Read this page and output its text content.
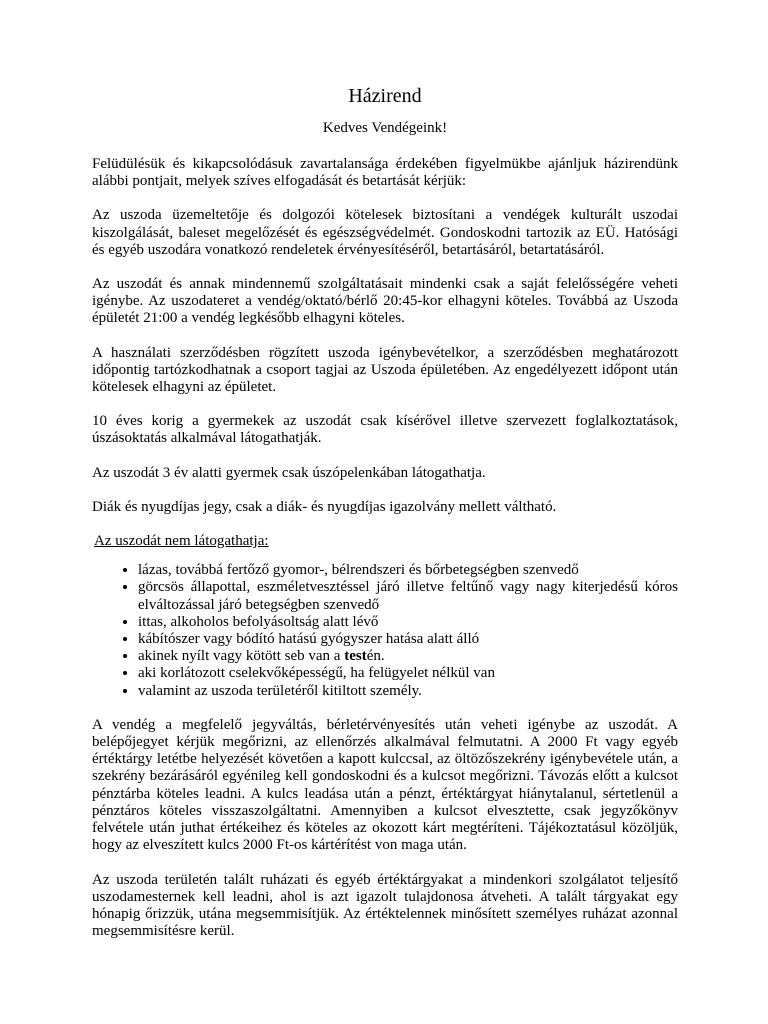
Házirend
Kedves Vendégeink!

Felüdülésük és kikapcsolódásuk zavartalansága érdekében figyelmükbe ajánljuk házirendünk alábbi pontjait, melyek szíves elfogadását és betartását kérjük:

Az uszoda üzemeltetője és dolgozói kötelesek biztosítani a vendégek kulturált uszodai kiszolgálását, baleset megelőzését és egészségvédelmét. Gondoskodni tartozik az EÜ. Hatósági és egyéb uszodára vonatkozó rendeletek érvényesítéséről, betartásáról, betartatásáról.

Az uszodát és annak mindennemű szolgáltatásait mindenki csak a saját felelősségére veheti igénybe. Az uszodateret a vendég/oktató/bérlő 20:45-kor elhagyni köteles. Továbbá az Uszoda épületét 21:00 a vendég legkésőbb elhagyni köteles.

A használati szerződésben rögzített uszoda igénybevételkor, a szerződésben meghatározott időpontig tartózkodhatnak a csoport tagjai az Uszoda épületében. Az engedélyezett időpont után kötelesek elhagyni az épületet.

10 éves korig a gyermekek az uszodát csak kísérővel illetve szervezett foglalkoztatások, úszásoktatás alkalmával látogathatják.

Az uszodát 3 év alatti gyermek csak úszópelenkában látogathatja.

Diák és nyugdíjas jegy, csak a diák- és nyugdíjas igazolvány mellett váltható.

Az uszodát nem látogathatja:
• lázas, továbbá fertőző gyomor-, bélrendszeri és bőrbetegségben szenvedő
• görcsös állapottal, eszméletvesztéssel járó illetve feltűnő vagy nagy kiterjedésű kóros elváltozással járó betegségben szenvedő
• ittas, alkoholos befolyásoltság alatt lévő
• kábítószer vagy bódító hatású gyógyszer hatása alatt álló
• akinek nyílt vagy kötött seb van a testén.
• aki korlátozott cselekvőképességű, ha felügyelet nélkül van
• valamint az uszoda területéről kitiltott személy.

A vendég a megfelelő jegyváltás, bérletérvényesítés után veheti igénybe az uszodát. A belépőjegyet kérjük megőrizni, az ellenőrzés alkalmával felmutatni. A 2000 Ft vagy egyéb értéktárgy letétbe helyezését követően a kapott kulccsal, az öltözőszekrény igénybevétele után, a szekrény bezárásáról egyénileg kell gondoskodni és a kulcsot megőrizni. Távozás előtt a kulcsot pénztárba köteles leadni. A kulcs leadása után a pénzt, értéktárgyat hiánytalanul, sértetlenül a pénztáros köteles visszaszolgáltatni. Amennyiben a kulcsot elvesztette, csak jegyzőkönyv felvétele után juthat értékeihez és köteles az okozott kárt megtéríteni. Tájékoztatásul közöljük, hogy az elveszített kulcs 2000 Ft-os kártérítést von maga után.

Az uszoda területén talált ruházati és egyéb értéktárgyakat a mindenkori szolgálatot teljesítő uszodamesternek kell leadni, ahol is azt igazolt tulajdonosa átveheti. A talált tárgyakat egy hónapig őrizzük, utána megsemmisítjük. Az értéktelennek minősített személyes ruházat azonnal megsemmisítésre kerül.
